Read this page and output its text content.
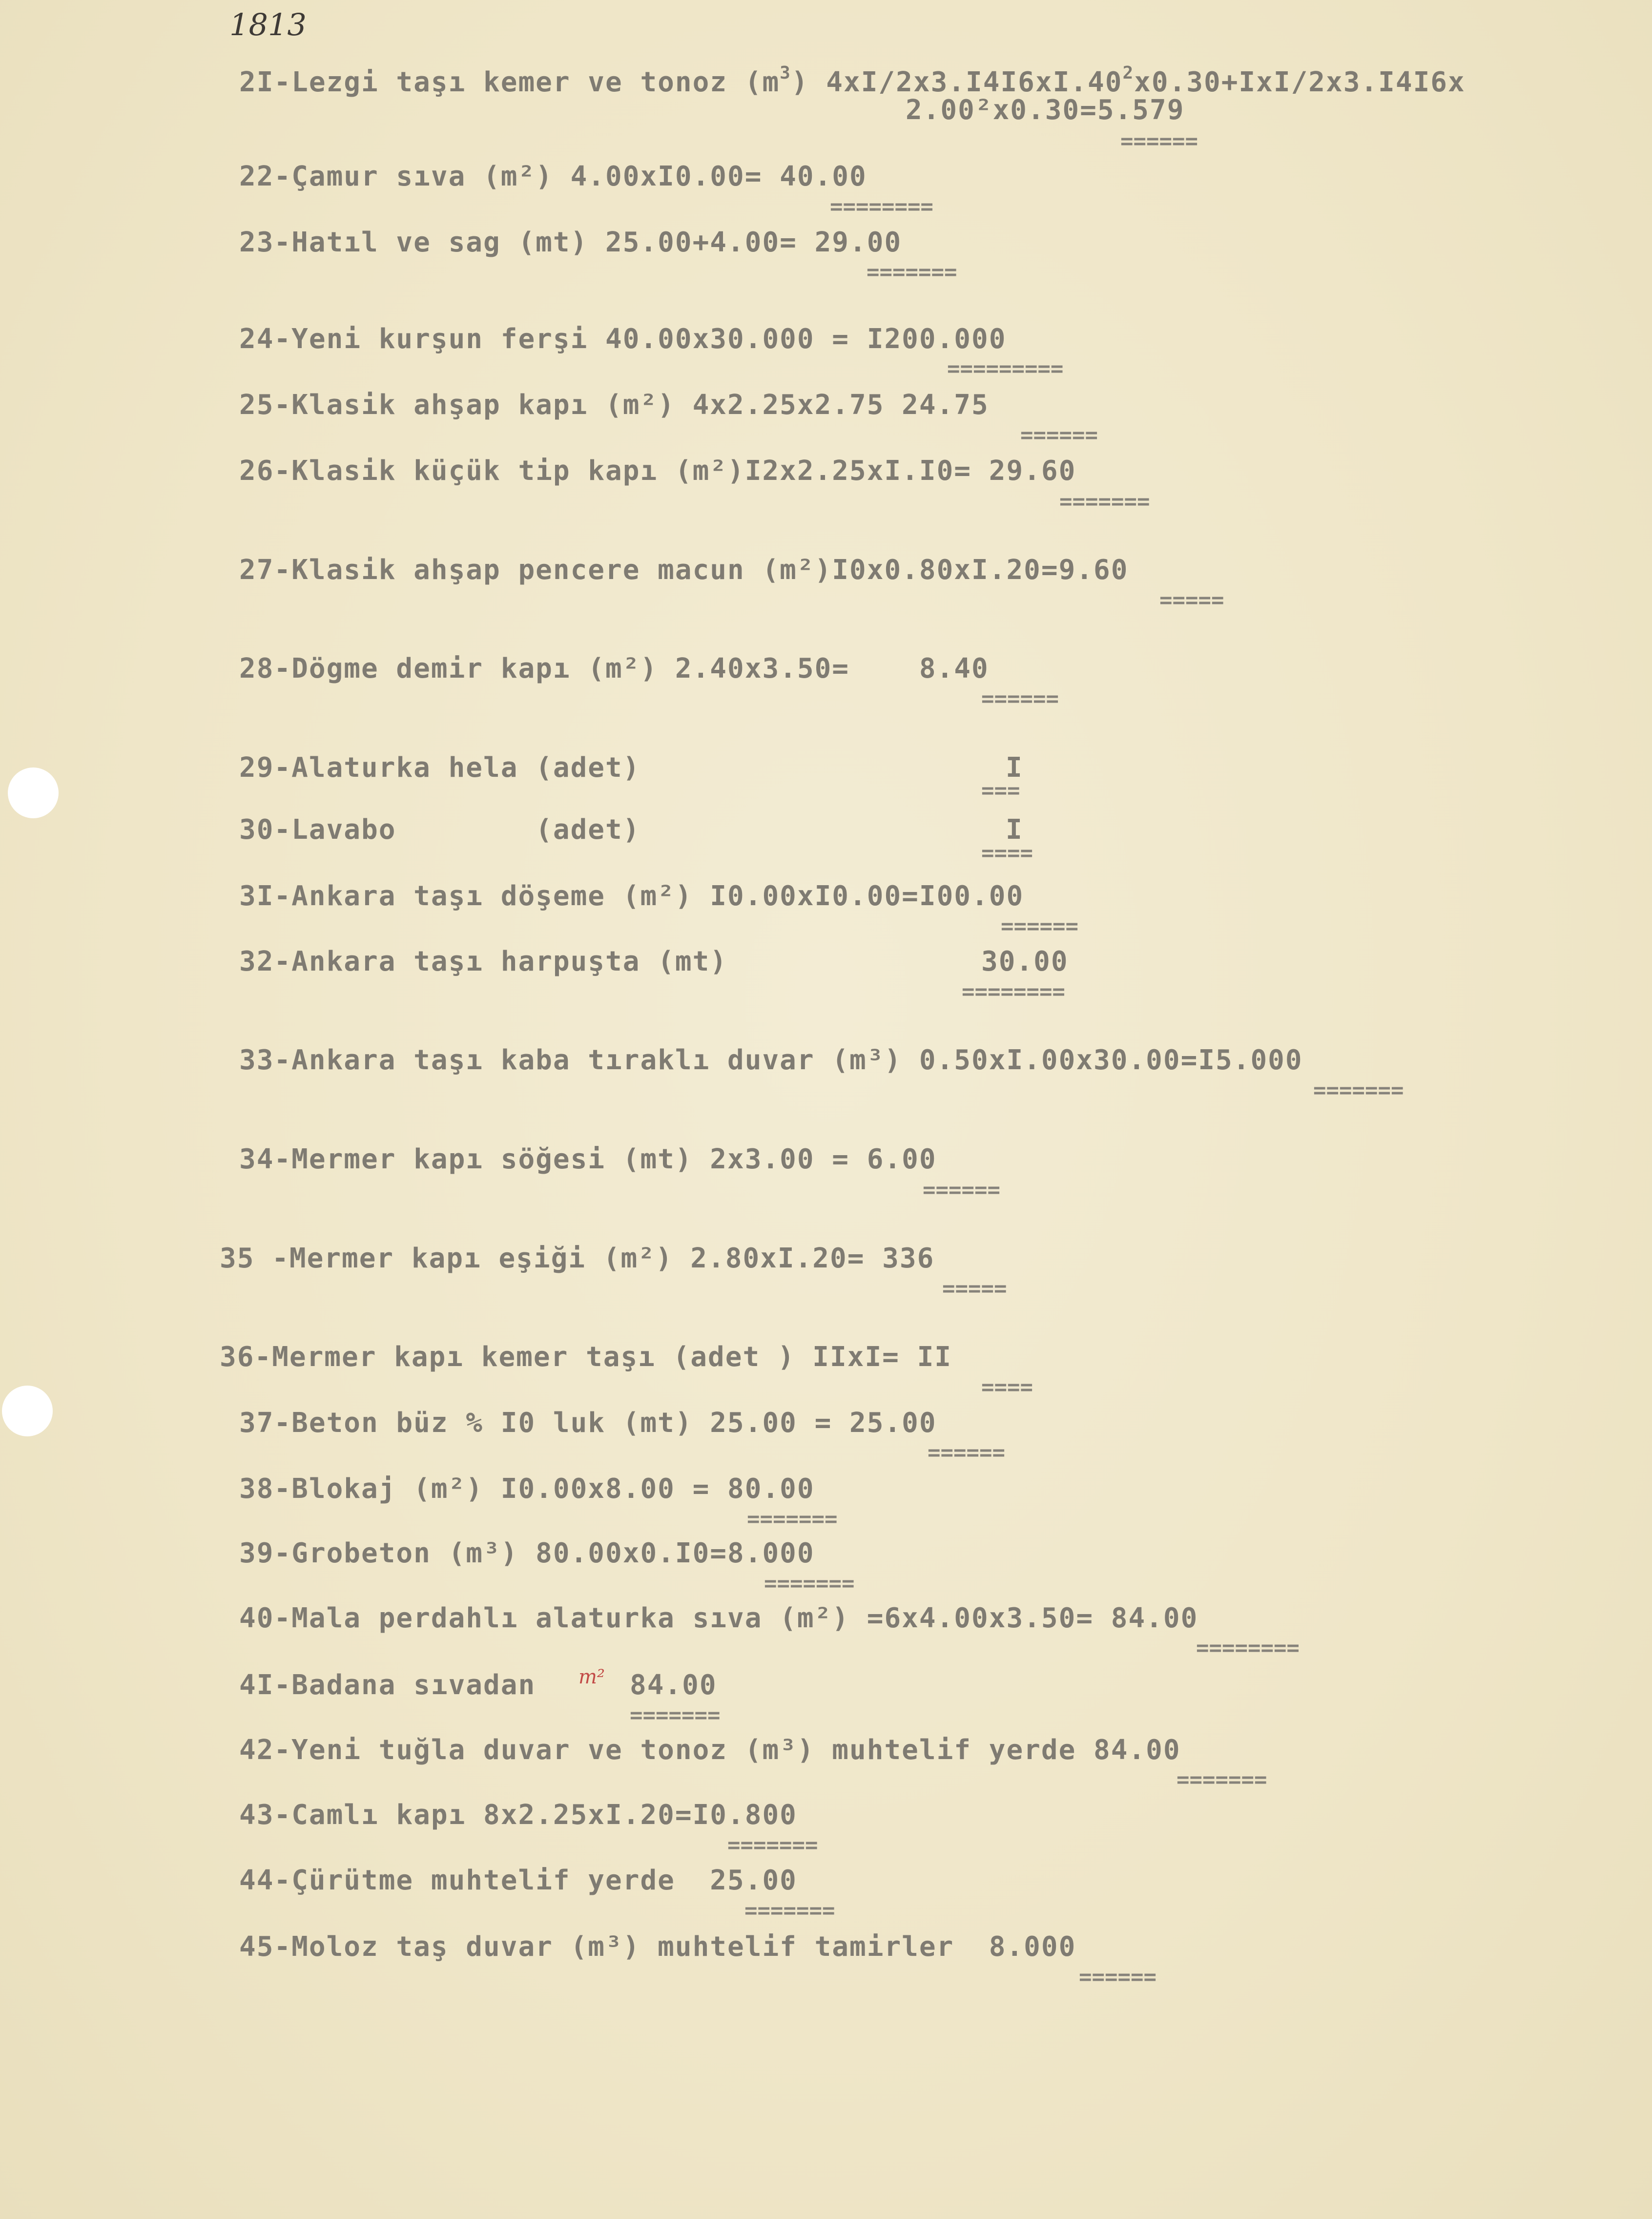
1813
2I-Lezgi taşı kemer ve tonoz $(m^3)$ $4xI/2x3.I4I6xI.40^2x0.30+IxI/2x3.I4I6x$
2.00²x0.30=5.579
======
22-Çamur sıva (m²) 4.00xI0.00= 40.00
========
23-Hatıl ve sag (mt) 25.00+4.00= 29.00
=======
24-Yeni kurşun ferşi 40.00x30.000 = I200.000
=========
25-Klasik ahşap kapı (m²) 4x2.25x2.75 24.75
======
26-Klasik küçük tip kapı (m²)I2x2.25xI.I0= 29.60
=======
27-Klasik ahşap pencere macun (m²)I0x0.80xI.20=9.60
=====
28-Dögme demir kapı (m²) 2.40x3.50=    8.40
======
29-Alaturka hela (adet)	I
===
30-Lavabo        (adet)	I
====
3I-Ankara taşı döşeme (m²) I0.00xI0.00=I00.00
======
32-Ankara taşı harpuşta (mt)	30.00
========
33-Ankara taşı kaba tıraklı duvar (m³) 0.50xI.00x30.00=I5.000
=======
34-Mermer kapı söğesi (mt) 2x3.00 = 6.00
======
35 -Mermer kapı eşiği (m²) 2.80xI.20= 336
=====
36-Mermer kapı kemer taşı (adet ) IIxI= II
====
37-Beton büz % I0 luk (mt) 25.00 = 25.00
======
38-Blokaj (m²) I0.00x8.00 = 80.00
=======
39-Grobeton (m³) 80.00x0.I0=8.000
=======
40-Mala perdahlı alaturka sıva (m²) =6x4.00x3.50= 84.00
========
4I-Badana sıvadan m² 84.00
=======
42-Yeni tuğla duvar ve tonoz (m³) muhtelif yerde 84.00
=======
43-Camlı kapı 8x2.25xI.20=I0.800
=======
44-Çürütme muhtelif yerde  25.00
=======
45-Moloz taş duvar (m³) muhtelif tamirler  8.000
======
